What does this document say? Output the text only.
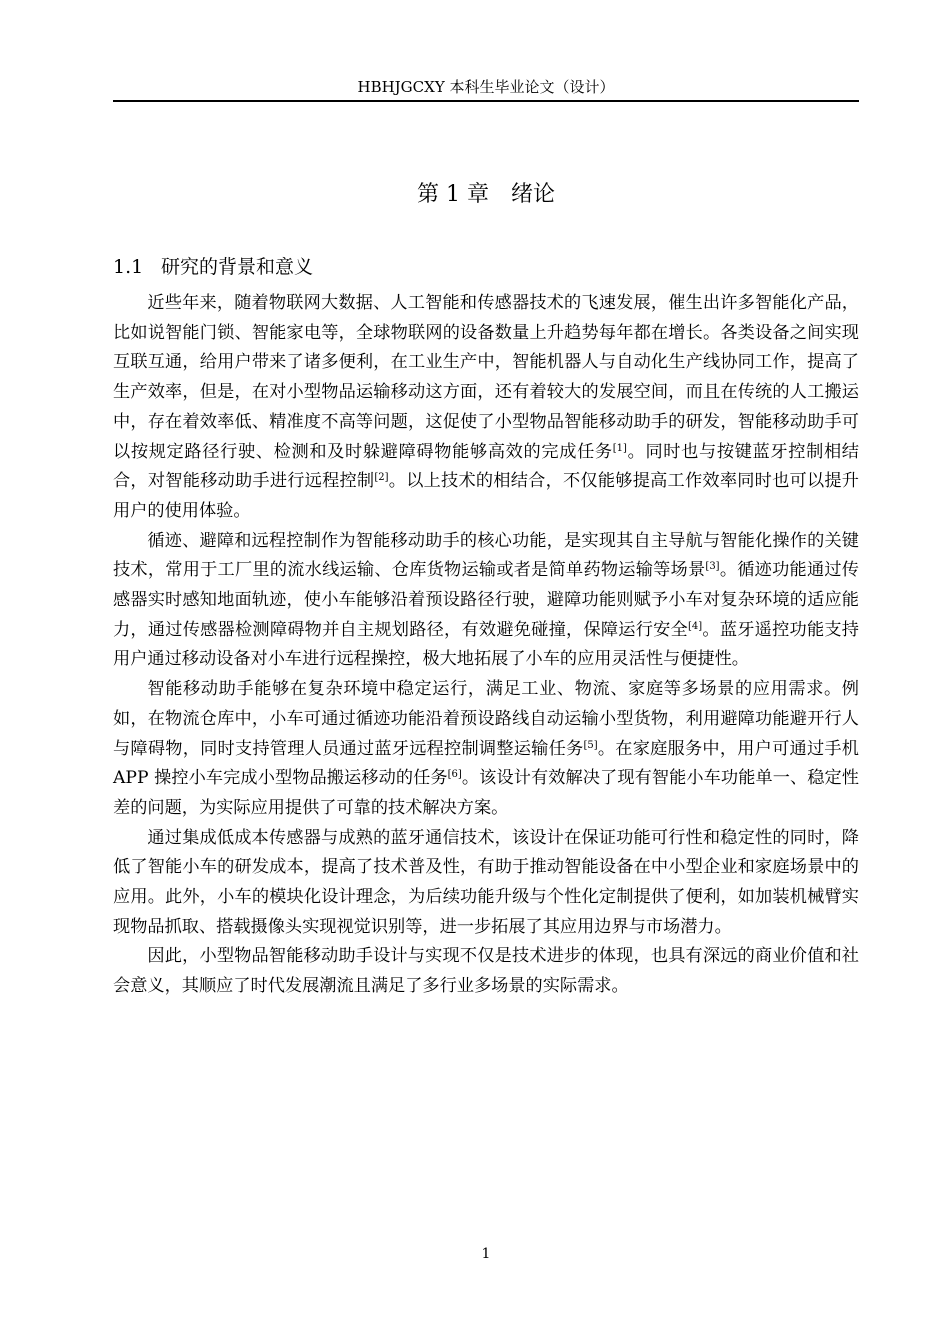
HBHJGCXY 本科生毕业论文（设计）
第 1 章 绪论
1.1 研究的背景和意义

近些年来，随着物联网大数据、人工智能和传感器技术的飞速发展，催生出许多智能化产品，比如说智能门锁、智能家电等，全球物联网的设备数量上升趋势每年都在增长。各类设备之间实现互联互通，给用户带来了诸多便利，在工业生产中，智能机器人与自动化生产线协同工作，提高了生产效率，但是，在对小型物品运输移动这方面，还有着较大的发展空间，而且在传统的人工搬运中，存在着效率低、精准度不高等问题，这促使了小型物品智能移动助手的研发，智能移动助手可以按规定路径行驶、检测和及时躲避障碍物能够高效的完成任务[1]。同时也与按键蓝牙控制相结合，对智能移动助手进行远程控制[2]。以上技术的相结合，不仅能够提高工作效率同时也可以提升用户的使用体验。

循迹、避障和远程控制作为智能移动助手的核心功能，是实现其自主导航与智能化操作的关键技术，常用于工厂里的流水线运输、仓库货物运输或者是简单药物运输等场景[3]。循迹功能通过传感器实时感知地面轨迹，使小车能够沿着预设路径行驶，避障功能则赋予小车对复杂环境的适应能力，通过传感器检测障碍物并自主规划路径，有效避免碰撞，保障运行安全[4]。蓝牙遥控功能支持用户通过移动设备对小车进行远程操控，极大地拓展了小车的应用灵活性与便捷性。

智能移动助手能够在复杂环境中稳定运行，满足工业、物流、家庭等多场景的应用需求。例如，在物流仓库中，小车可通过循迹功能沿着预设路线自动运输小型货物，利用避障功能避开行人与障碍物，同时支持管理人员通过蓝牙远程控制调整运输任务[5]。在家庭服务中，用户可通过手机 APP 操控小车完成小型物品搬运移动的任务[6]。该设计有效解决了现有智能小车功能单一、稳定性差的问题，为实际应用提供了可靠的技术解决方案。

通过集成低成本传感器与成熟的蓝牙通信技术，该设计在保证功能可行性和稳定性的同时，降低了智能小车的研发成本，提高了技术普及性，有助于推动智能设备在中小型企业和家庭场景中的应用。此外，小车的模块化设计理念，为后续功能升级与个性化定制提供了便利，如加装机械臂实现物品抓取、搭载摄像头实现视觉识别等，进一步拓展了其应用边界与市场潜力。

因此，小型物品智能移动助手设计与实现不仅是技术进步的体现，也具有深远的商业价值和社会意义，其顺应了时代发展潮流且满足了多行业多场景的实际需求。

1
